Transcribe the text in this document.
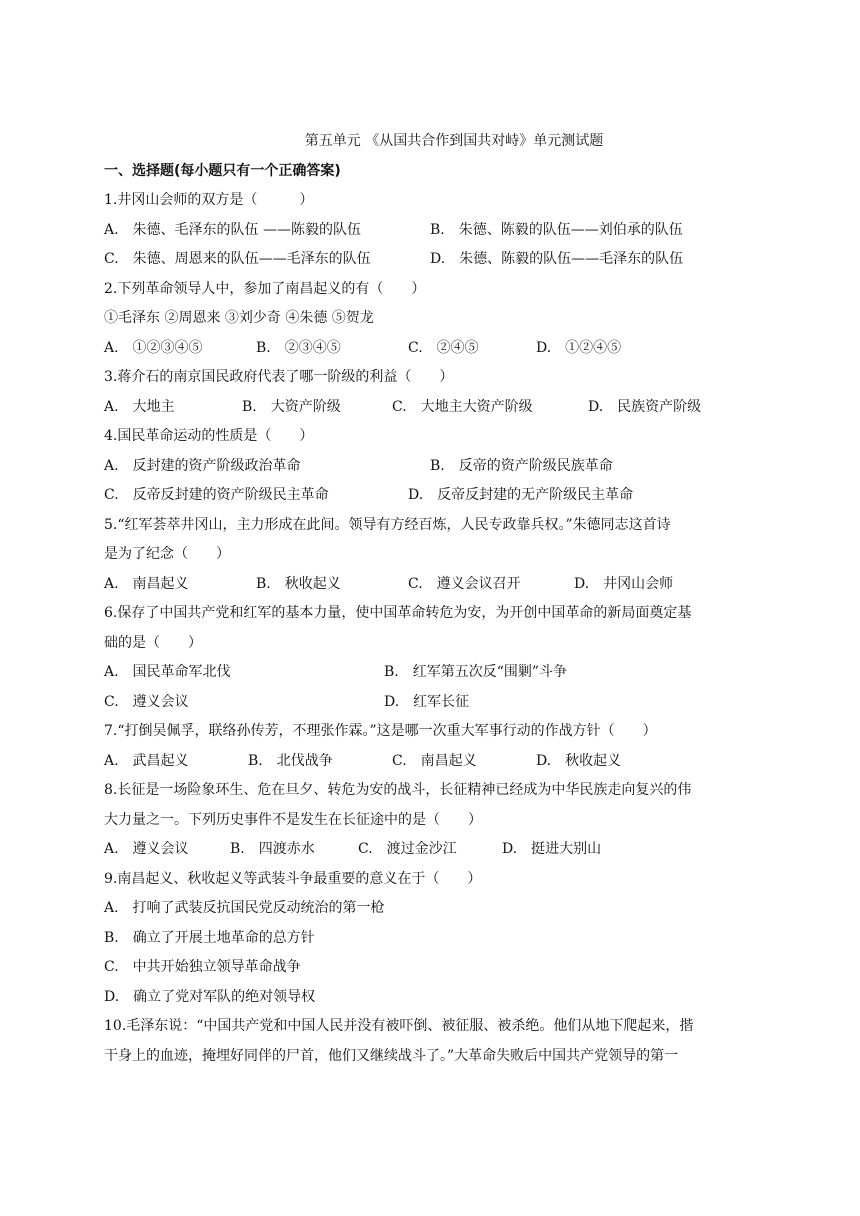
第五单元 《从国共合作到国共对峙》单元测试题
一、选择题(每小题只有一个正确答案)
1.井冈山会师的双方是（　　　）
A.　朱德、毛泽东的队伍 ——陈毅的队伍	B.　朱德、陈毅的队伍——刘伯承的队伍
C.　朱德、周恩来的队伍——毛泽东的队伍	D.　朱德、陈毅的队伍——毛泽东的队伍
2.下列革命领导人中，参加了南昌起义的有（　　）
①毛泽东 ②周恩来 ③刘少奇 ④朱德 ⑤贺龙
A.　①②③④⑤	B.　②③④⑤	C.　②④⑤	D.　①②④⑤
3.蒋介石的南京国民政府代表了哪一阶级的利益（　　）
A.　大地主	B.　大资产阶级	C.　大地主大资产阶级	D.　民族资产阶级
4.国民革命运动的性质是（　　）
A.　反封建的资产阶级政治革命	B.　反帝的资产阶级民族革命
C.　反帝反封建的资产阶级民主革命	D.　反帝反封建的无产阶级民主革命
5.“红军荟萃井冈山，主力形成在此间。领导有方经百炼，人民专政靠兵权。”朱德同志这首诗
是为了纪念（　　）
A.　南昌起义	B.　秋收起义	C.　遵义会议召开	D.　井冈山会师
6.保存了中国共产党和红军的基本力量，使中国革命转危为安，为开创中国革命的新局面奠定基
础的是（　　）
A.　国民革命军北伐	B.　红军第五次反“围剿”斗争
C.　遵义会议	D.　红军长征
7.“打倒吴佩孚，联络孙传芳，不理张作霖。”这是哪一次重大军事行动的作战方针（　　）
A.　武昌起义	B.　北伐战争	C.　南昌起义	D.　秋收起义
8.长征是一场险象环生、危在旦夕、转危为安的战斗，长征精神已经成为中华民族走向复兴的伟
大力量之一。下列历史事件不是发生在长征途中的是（　　）
A.　遵义会议	B.　四渡赤水	C.　渡过金沙江	D.　挺进大别山
9.南昌起义、秋收起义等武装斗争最重要的意义在于（　　）
A.　打响了武装反抗国民党反动统治的第一枪
B.　确立了开展土地革命的总方针
C.　中共开始独立领导革命战争
D.　确立了党对军队的绝对领导权
10.毛泽东说：“中国共产党和中国人民并没有被吓倒、被征服、被杀绝。他们从地下爬起来，揩
干身上的血迹，掩埋好同伴的尸首，他们又继续战斗了。”大革命失败后中国共产党领导的第一
